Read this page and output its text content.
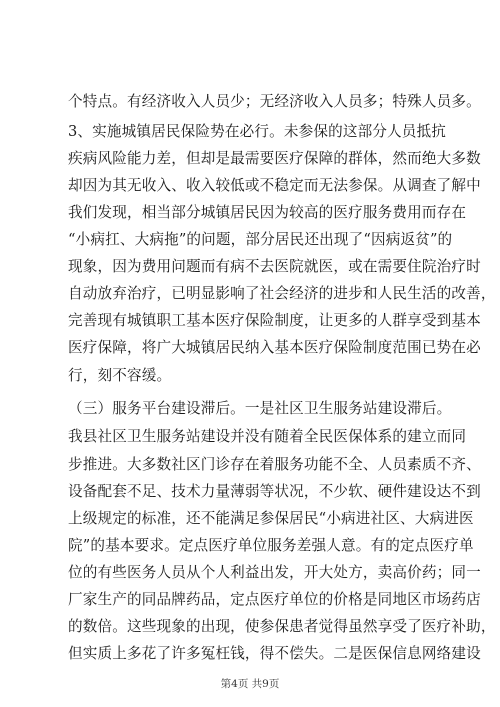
个特点。有经济收入人员少；无经济收入人员多；特殊人员多。
3、实施城镇居民保险势在必行。未参保的这部分人员抵抗
疾病风险能力差，但却是最需要医疗保障的群体，然而绝大多数
却因为其无收入、收入较低或不稳定而无法参保。从调查了解中
我们发现，相当部分城镇居民因为较高的医疗服务费用而存在
“小病扛、大病拖”的问题，部分居民还出现了“因病返贫”的
现象，因为费用问题而有病不去医院就医，或在需要住院治疗时
自动放弃治疗，已明显影响了社会经济的进步和人民生活的改善，
完善现有城镇职工基本医疗保险制度，让更多的人群享受到基本
医疗保障，将广大城镇居民纳入基本医疗保险制度范围已势在必
行，刻不容缓。
（三）服务平台建设滞后。一是社区卫生服务站建设滞后。
我县社区卫生服务站建设并没有随着全民医保体系的建立而同
步推进。大多数社区门诊存在着服务功能不全、人员素质不齐、
设备配套不足、技术力量薄弱等状况，不少软、硬件建设达不到
上级规定的标准，还不能满足参保居民“小病进社区、大病进医
院”的基本要求。定点医疗单位服务差强人意。有的定点医疗单
位的有些医务人员从个人利益出发，开大处方，卖高价药；同一
厂家生产的同品牌药品，定点医疗单位的价格是同地区市场药店
的数倍。这些现象的出现，使参保患者觉得虽然享受了医疗补助，
但实质上多花了许多冤枉钱，得不偿失。二是医保信息网络建设
第4页 共9页
